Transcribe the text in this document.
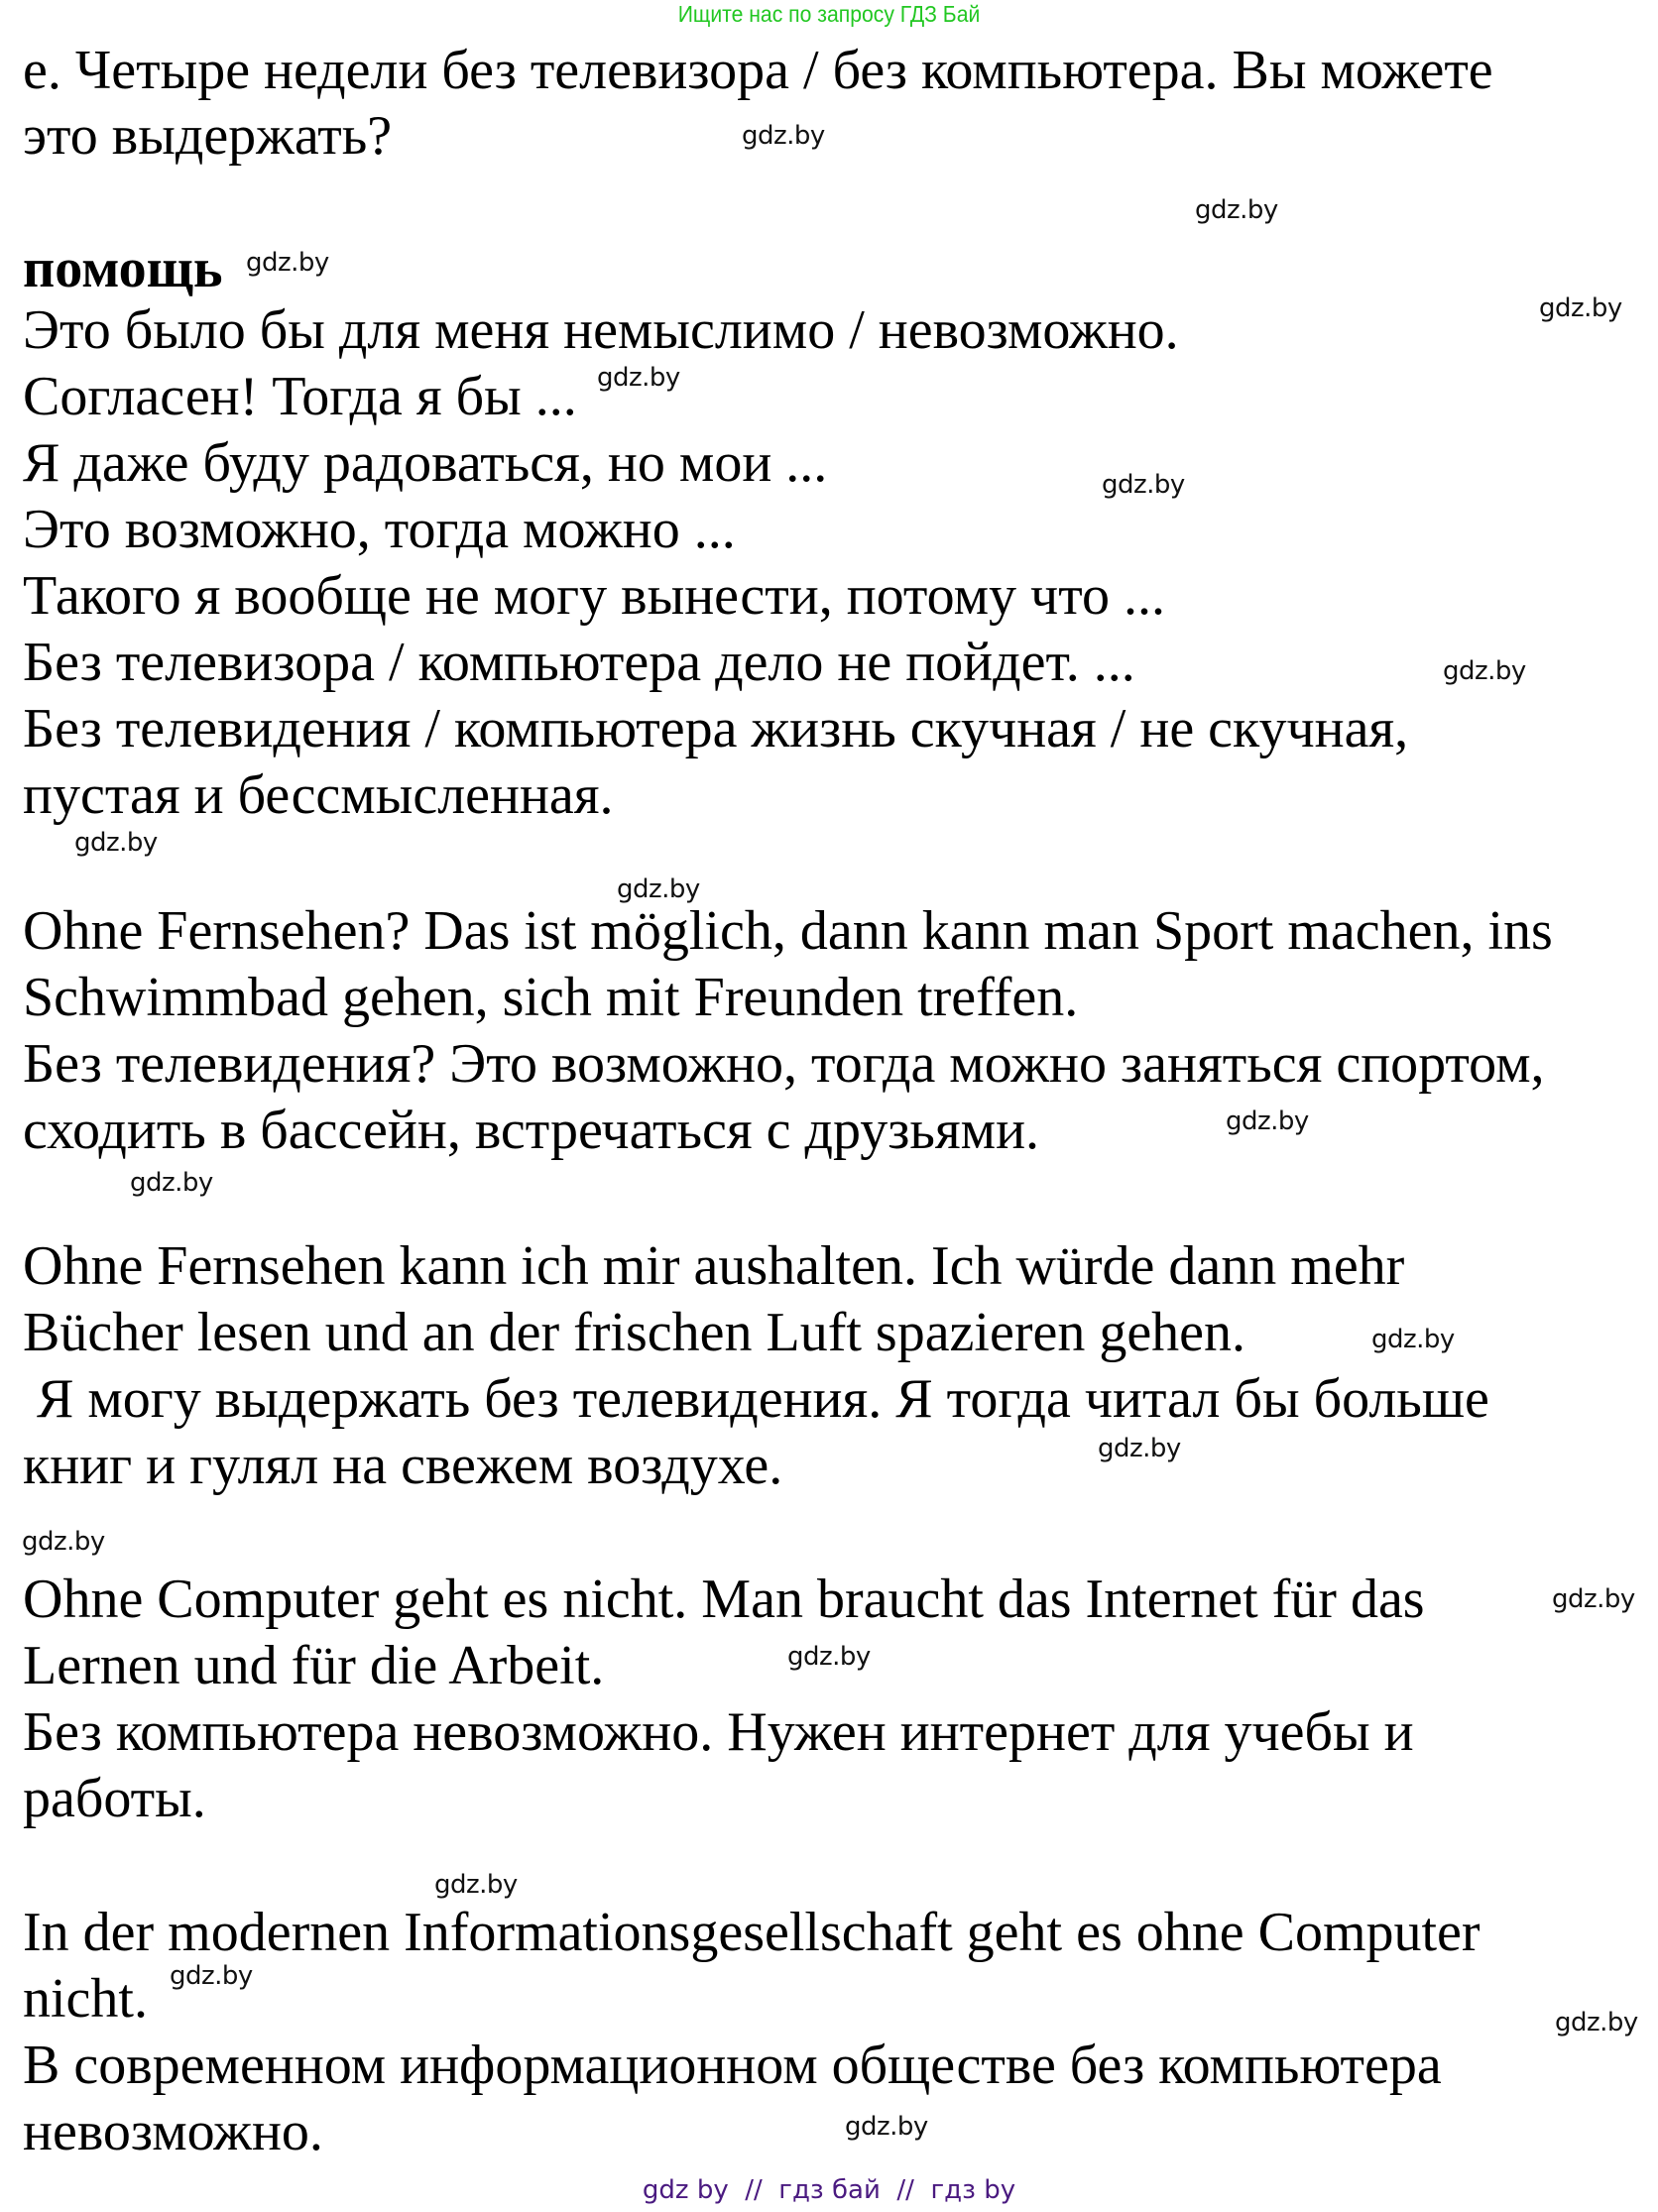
Ищите нас по запросу ГДЗ Бай
е. Четыре недели без телевизора / без компьютера. Вы можете
это выдержать?
помощь
Это было бы для меня немыслимо / невозможно.
Согласен! Тогда я бы ...
Я даже буду радоваться, но мои ...
Это возможно, тогда можно ...
Такого я вообще не могу вынести, потому что ...
Без телевизора / компьютера дело не пойдет. ...
Без телевидения / компьютера жизнь скучная / не скучная,
пустая и бессмысленная.
Ohne Fernsehen? Das ist möglich, dann kann man Sport machen, ins
Schwimmbad gehen, sich mit Freunden treffen.
Без телевидения? Это возможно, тогда можно заняться спортом,
сходить в бассейн, встречаться с друзьями.
Ohne Fernsehen kann ich mir aushalten. Ich würde dann mehr
Bücher lesen und an der frischen Luft spazieren gehen.
Я могу выдержать без телевидения. Я тогда читал бы больше
книг и гулял на свежем воздухе.
Ohne Computer geht es nicht. Man braucht das Internet für das
Lernen und für die Arbeit.
Без компьютера невозможно. Нужен интернет для учебы и
работы.
In der modernen Informationsgesellschaft geht es ohne Computer
nicht.
В современном информационном обществе без компьютера
невозможно.
gdz.by
gdz.by
gdz.by
gdz.by
gdz.by
gdz.by
gdz.by
gdz.by
gdz.by
gdz.by
gdz.by
gdz.by
gdz.by
gdz.by
gdz.by
gdz.by
gdz.by
gdz.by
gdz.by
gdz.by
gdz by  //  гдз бай  //  гдз by
